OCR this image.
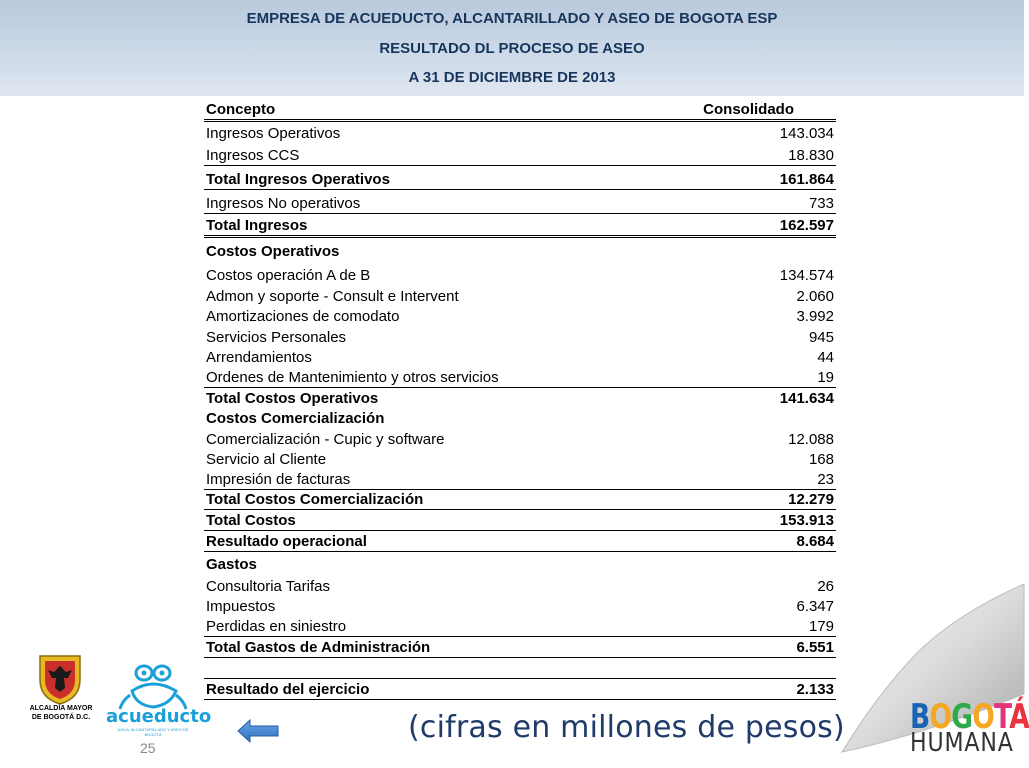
EMPRESA DE ACUEDUCTO, ALCANTARILLADO Y ASEO DE BOGOTA ESP
RESULTADO DL PROCESO DE ASEO
A 31 DE DICIEMBRE DE 2013
Concepto	Consolidado
Ingresos Operativos	143.034
Ingresos CCS	18.830
Total Ingresos Operativos	161.864
Ingresos No operativos	733
Total Ingresos	162.597
Costos Operativos
Costos operación A de B	134.574
Admon y soporte - Consult e Intervent	2.060
Amortizaciones de comodato	3.992
Servicios Personales	945
Arrendamientos	44
Ordenes de Mantenimiento y otros servicios	19
Total Costos Operativos	141.634
Costos Comercialización
Comercialización - Cupic y software	12.088
Servicio al Cliente	168
Impresión de facturas	23
Total Costos Comercialización	12.279
Total Costos	153.913
Resultado operacional	8.684
Gastos
Consultoria Tarifas	26
Impuestos	6.347
Perdidas en siniestro	179
Total Gastos de Administración	6.551
Resultado del ejercicio	2.133
ALCALDÍA MAYOR
DE BOGOTÁ D.C. acueducto
AGUA, ALCANTARILLADO Y ASEO DE BOGOTÁ
25
(cifras en millones de pesos) BOGOTÁ
HUMANA
